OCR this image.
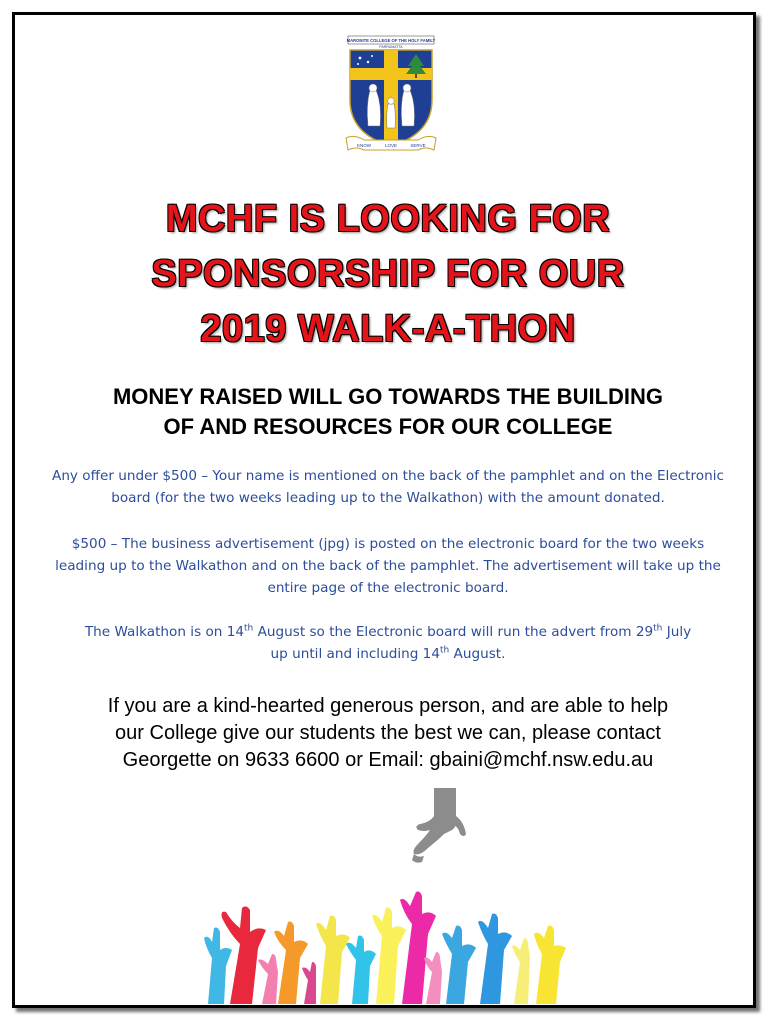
MARONITE COLLEGE OF THE HOLY FAMILY
PARRAMATTA
KNOW	LOVE	SERVE
MCHF IS LOOKING FOR
SPONSORSHIP FOR OUR
2019 WALK-A-THON
MONEY RAISED WILL GO TOWARDS THE BUILDING
OF AND RESOURCES FOR OUR COLLEGE
Any offer under $500 – Your name is mentioned on the back of the pamphlet and on the Electronic
board (for the two weeks leading up to the Walkathon) with the amount donated.
$500 – The business advertisement (jpg) is posted on the electronic board for the two weeks
leading up to the Walkathon and on the back of the pamphlet. The advertisement will take up the
entire page of the electronic board.
The Walkathon is on 14th August so the Electronic board will run the advert from 29th July
up until and including 14th August.
If you are a kind-hearted generous person, and are able to help
our College give our students the best we can, please contact
Georgette on 9633 6600 or Email: gbaini@mchf.nsw.edu.au
